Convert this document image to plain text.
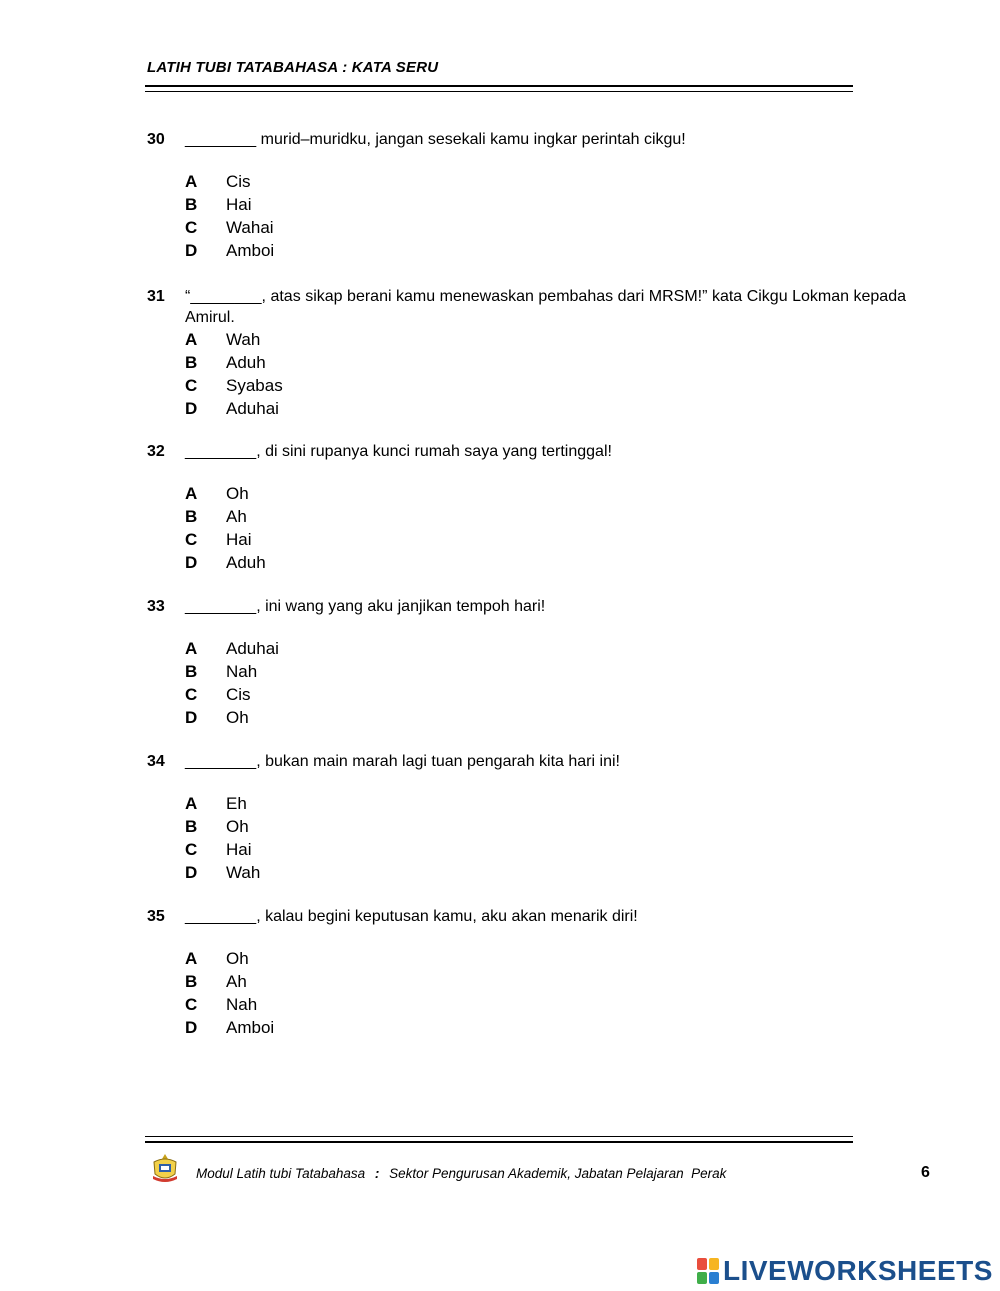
LATIH TUBI TATABAHASA : KATA SERU
30	________ murid–muridku, jangan sesekali kamu ingkar perintah cikgu!
A	Cis
B	Hai
C	Wahai
D	Amboi
31	“________, atas sikap berani kamu menewaskan pembahas dari MRSM!” kata Cikgu Lokman kepada Amirul.
A	Wah
B	Aduh
C	Syabas
D	Aduhai
32	________, di sini rupanya kunci rumah saya yang tertinggal!
A	Oh
B	Ah
C	Hai
D	Aduh
33	________, ini wang yang aku janjikan tempoh hari!
A	Aduhai
B	Nah
C	Cis
D	Oh
34	________, bukan main marah lagi tuan pengarah kita hari ini!
A	Eh
B	Oh
C	Hai
D	Wah
35	________, kalau begini keputusan kamu, aku akan menarik diri!
A	Oh
B	Ah
C	Nah
D	Amboi
Modul Latih tubi Tatabahasa : Sektor Pengurusan Akademik, Jabatan Pelajaran  Perak	6
LIVEWORKSHEETS
